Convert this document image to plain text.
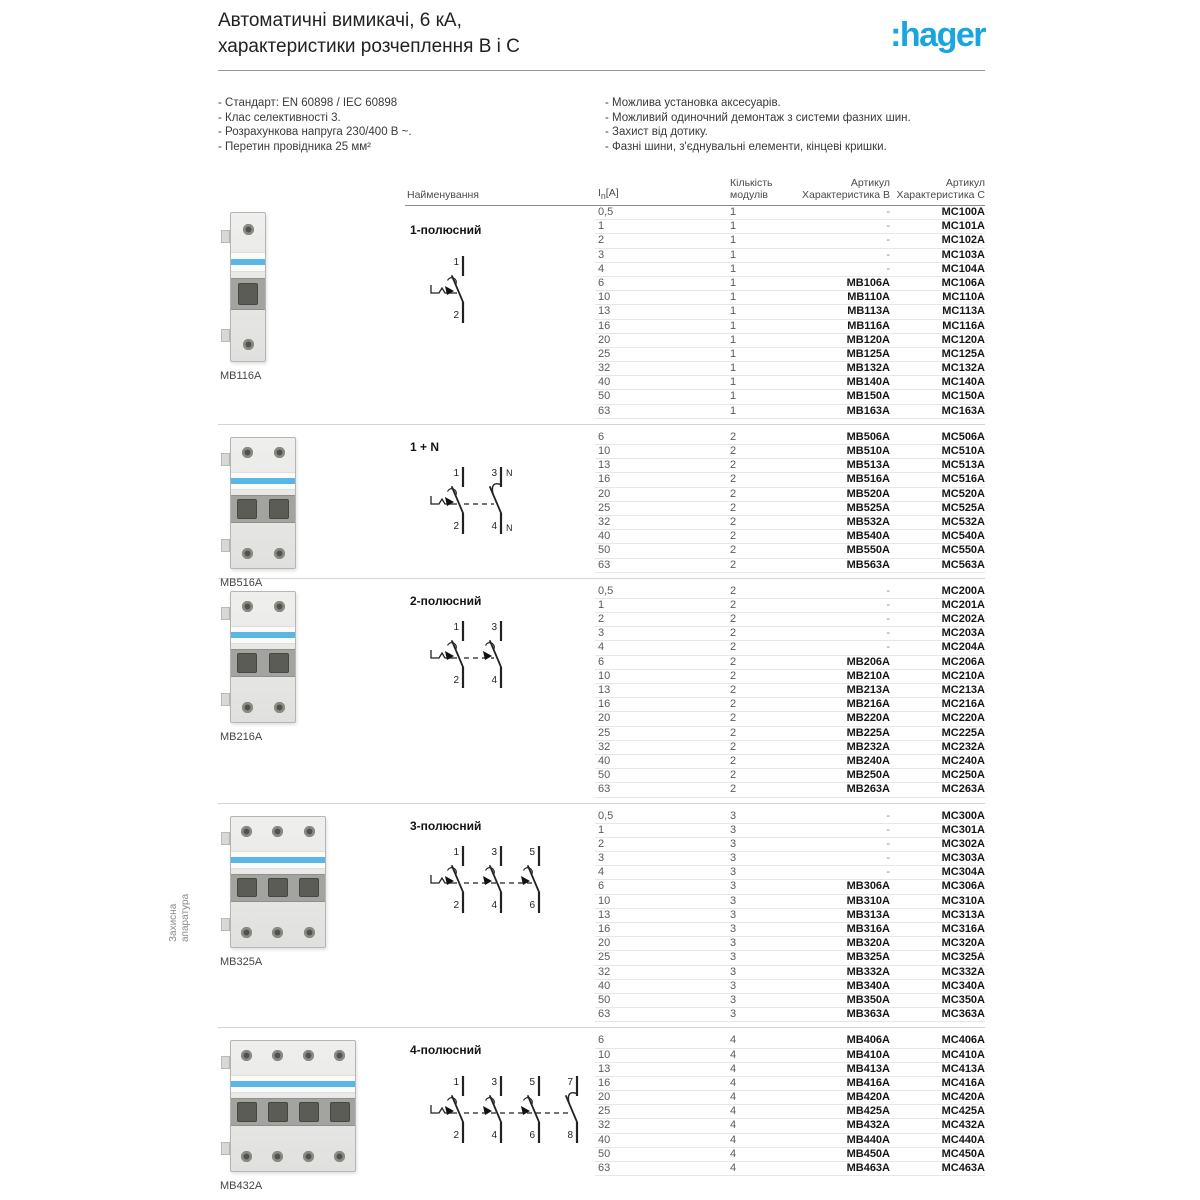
Автоматичні вимикачі, 6 кА,
характеристики розчеплення B і C	:hager
- Стандарт: EN 60898 / IEC 60898
- Клас селективності 3.
- Розрахункова напруга 230/400 В ~.
- Перетин провідника 25 мм²
- Можлива установка аксесуарів.
- Можливий одиночний демонтаж з системи фазних шин.
- Захист від дотику.
- Фазні шини, з'єднувальні елементи, кінцеві кришки.
Захисна апаратура
Найменування	$I_n[A]$
Кількість
модулів
Артикул
Характеристика B
Артикул
Характеристика C
MB116A
1-полюсний
1
2
0,5	1	-	MC100A
1	1	-	MC101A
2	1	-	MC102A
3	1	-	MC103A
4	1	-	MC104A
6	1	MB106A	MC106A
10	1	MB110A	MC110A
13	1	MB113A	MC113A
16	1	MB116A	MC116A
20	1	MB120A	MC120A
25	1	MB125A	MC125A
32	1	MB132A	MC132A
40	1	MB140A	MC140A
50	1	MB150A	MC150A
63	1	MB163A	MC163A
MB516A
1 + N
1
2
3
4
N
N
6	2	MB506A	MC506A
10	2	MB510A	MC510A
13	2	MB513A	MC513A
16	2	MB516A	MC516A
20	2	MB520A	MC520A
25	2	MB525A	MC525A
32	2	MB532A	MC532A
40	2	MB540A	MC540A
50	2	MB550A	MC550A
63	2	MB563A	MC563A
MB216A
2-полюсний
1
2
3
4
0,5	2	-	MC200A
1	2	-	MC201A
2	2	-	MC202A
3	2	-	MC203A
4	2	-	MC204A
6	2	MB206A	MC206A
10	2	MB210A	MC210A
13	2	MB213A	MC213A
16	2	MB216A	MC216A
20	2	MB220A	MC220A
25	2	MB225A	MC225A
32	2	MB232A	MC232A
40	2	MB240A	MC240A
50	2	MB250A	MC250A
63	2	MB263A	MC263A
MB325A
3-полюсний
1
2
3
4
5
6
0,5	3	-	MC300A
1	3	-	MC301A
2	3	-	MC302A
3	3	-	MC303A
4	3	-	MC304A
6	3	MB306A	MC306A
10	3	MB310A	MC310A
13	3	MB313A	MC313A
16	3	MB316A	MC316A
20	3	MB320A	MC320A
25	3	MB325A	MC325A
32	3	MB332A	MC332A
40	3	MB340A	MC340A
50	3	MB350A	MC350A
63	3	MB363A	MC363A
MB432A
4-полюсний
1
2
3
4
5
6
7
8
6	4	MB406A	MC406A
10	4	MB410A	MC410A
13	4	MB413A	MC413A
16	4	MB416A	MC416A
20	4	MB420A	MC420A
25	4	MB425A	MC425A
32	4	MB432A	MC432A
40	4	MB440A	MC440A
50	4	MB450A	MC450A
63	4	MB463A	MC463A
